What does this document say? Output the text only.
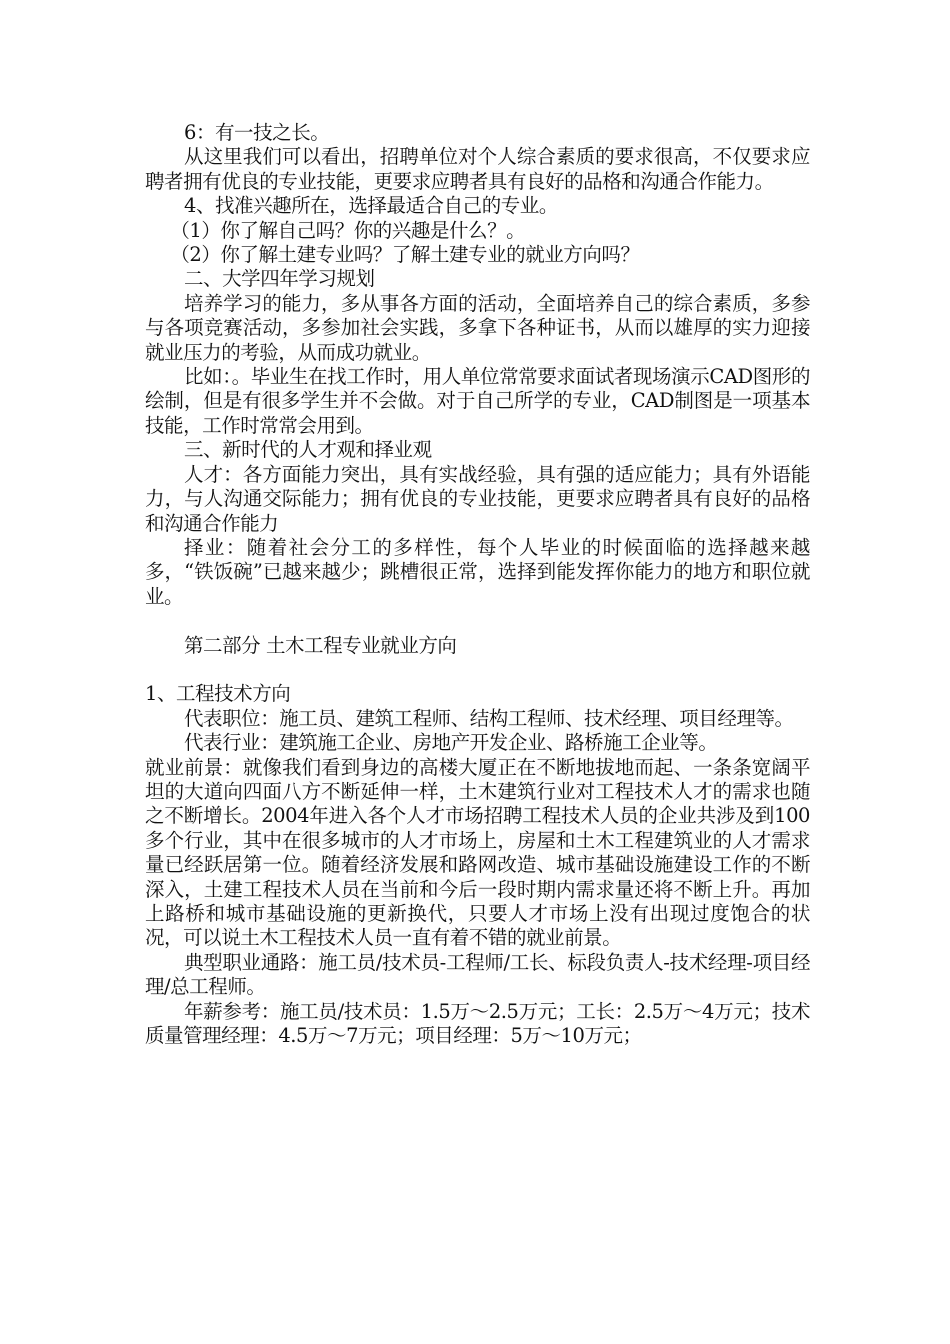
6：有一技之长。

从这里我们可以看出，招聘单位对个人综合素质的要求很高，不仅要求应聘者拥有优良的专业技能，更要求应聘者具有良好的品格和沟通合作能力。

4、找准兴趣所在，选择最适合自己的专业。

（1）你了解自己吗？你的兴趣是什么？。

（2）你了解土建专业吗？了解土建专业的就业方向吗？

二、大学四年学习规划

培养学习的能力，多从事各方面的活动，全面培养自己的综合素质，多参与各项竞赛活动，多参加社会实践，多拿下各种证书，从而以雄厚的实力迎接就业压力的考验，从而成功就业。

比如：。毕业生在找工作时，用人单位常常要求面试者现场演示CAD图形的绘制，但是有很多学生并不会做。对于自己所学的专业，CAD制图是一项基本技能，工作时常常会用到。

三、新时代的人才观和择业观

人才：各方面能力突出，具有实战经验，具有强的适应能力；具有外语能力，与人沟通交际能力；拥有优良的专业技能，更要求应聘者具有良好的品格和沟通合作能力

择业：随着社会分工的多样性，每个人毕业的时候面临的选择越来越多，“铁饭碗”已越来越少；跳槽很正常，选择到能发挥你能力的地方和职位就业。

第二部分 土木工程专业就业方向

1、工程技术方向

代表职位：施工员、建筑工程师、结构工程师、技术经理、项目经理等。

代表行业：建筑施工企业、房地产开发企业、路桥施工企业等。

就业前景：就像我们看到身边的高楼大厦正在不断地拔地而起、一条条宽阔平坦的大道向四面八方不断延伸一样，土木建筑行业对工程技术人才的需求也随之不断增长。2004年进入各个人才市场招聘工程技术人员的企业共涉及到100多个行业，其中在很多城市的人才市场上，房屋和土木工程建筑业的人才需求量已经跃居第一位。随着经济发展和路网改造、城市基础设施建设工作的不断深入，土建工程技术人员在当前和今后一段时期内需求量还将不断上升。再加上路桥和城市基础设施的更新换代，只要人才市场上没有出现过度饱合的状况，可以说土木工程技术人员一直有着不错的就业前景。

典型职业通路：施工员/技术员-工程师/工长、标段负责人-技术经理-项目经理/总工程师。

年薪参考：施工员/技术员：1.5万～2.5万元；工长：2.5万～4万元；技术质量管理经理：4.5万～7万元；项目经理：5万～10万元；
